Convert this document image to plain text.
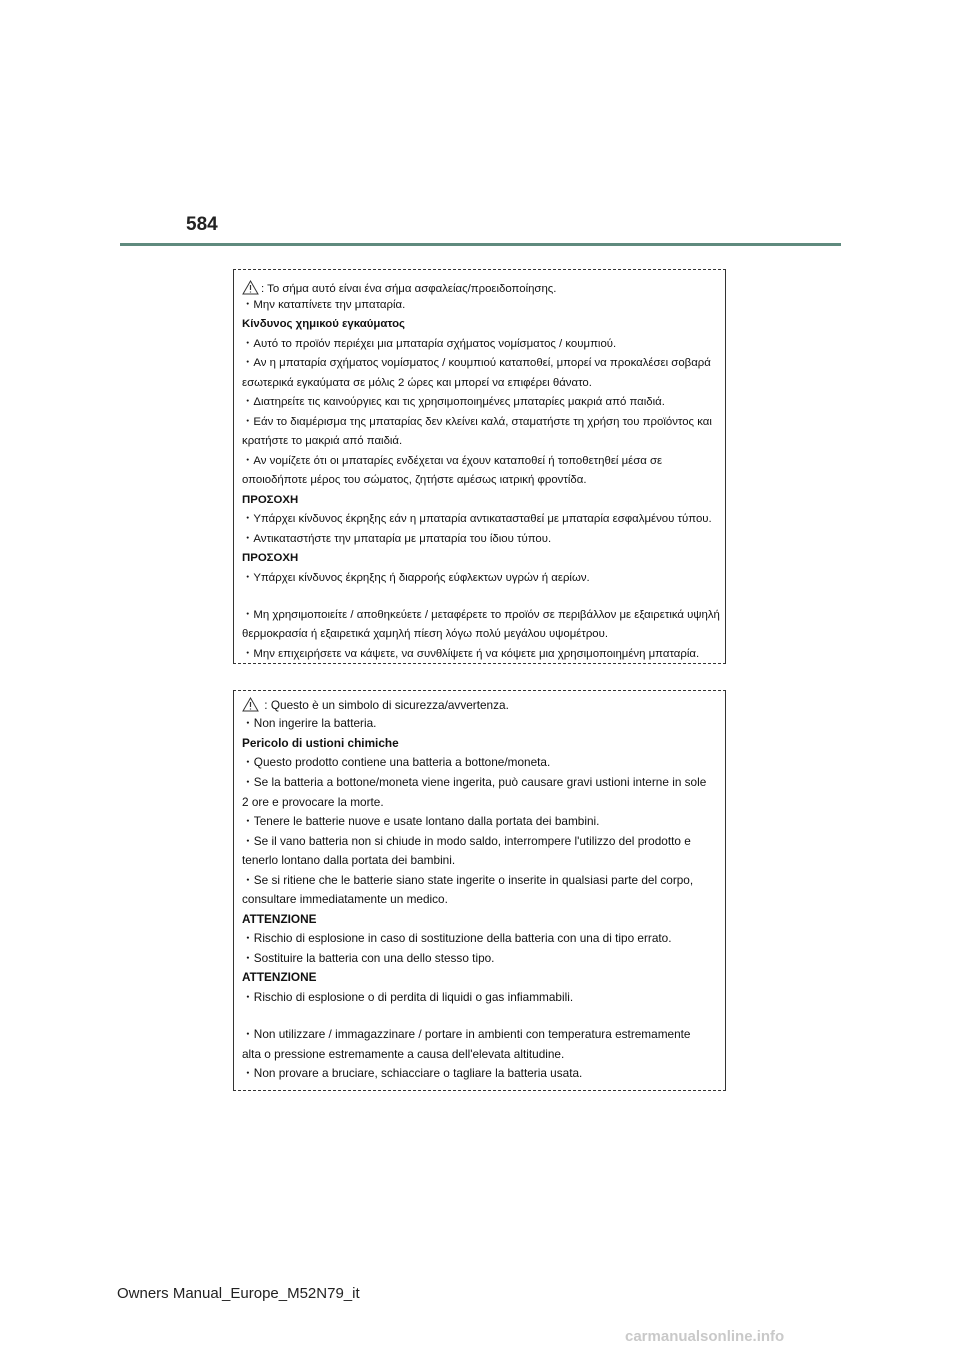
584
: Το σήμα αυτό είναι ένα σήμα ασφαλείας/προειδοποίησης.
・Μην καταπίνετε την μπαταρία.
Κίνδυνος χημικού εγκαύματος
・Αυτό το προϊόν περιέχει μια μπαταρία σχήματος νομίσματος / κουμπιού.
・Αν η μπαταρία σχήματος νομίσματος / κουμπιού καταποθεί, μπορεί να προκαλέσει σοβαρά
εσωτερικά εγκαύματα σε μόλις 2 ώρες και μπορεί να επιφέρει θάνατο.
・Διατηρείτε τις καινούργιες και τις χρησιμοποιημένες μπαταρίες μακριά από παιδιά.
・Εάν το διαμέρισμα της μπαταρίας δεν κλείνει καλά, σταματήστε τη χρήση του προϊόντος και
κρατήστε το μακριά από παιδιά.
・Αν νομίζετε ότι οι μπαταρίες ενδέχεται να έχουν καταποθεί ή τοποθετηθεί μέσα σε
οποιοδήποτε μέρος του σώματος, ζητήστε αμέσως ιατρική φροντίδα.
ΠΡΟΣΟΧΗ
・Υπάρχει κίνδυνος έκρηξης εάν η μπαταρία αντικατασταθεί με μπαταρία εσφαλμένου τύπου.
・Αντικαταστήστε την μπαταρία με μπαταρία του ίδιου τύπου.
ΠΡΟΣΟΧΗ
・Υπάρχει κίνδυνος έκρηξης ή διαρροής εύφλεκτων υγρών ή αερίων.
・Μη χρησιμοποιείτε / αποθηκεύετε / μεταφέρετε το προϊόν σε περιβάλλον με εξαιρετικά υψηλή
θερμοκρασία ή εξαιρετικά χαμηλή πίεση λόγω πολύ μεγάλου υψομέτρου.
・Μην επιχειρήσετε να κάψετε, να συνθλίψετε ή να κόψετε μια χρησιμοποιημένη μπαταρία.
: Questo è un simbolo di sicurezza/avvertenza.
・Non ingerire la batteria.
Pericolo di ustioni chimiche
・Questo prodotto contiene una batteria a bottone/moneta.
・Se la batteria a bottone/moneta viene ingerita, può causare gravi ustioni interne in sole
2 ore e provocare la morte.
・Tenere le batterie nuove e usate lontano dalla portata dei bambini.
・Se il vano batteria non si chiude in modo saldo, interrompere l'utilizzo del prodotto e
tenerlo lontano dalla portata dei bambini.
・Se si ritiene che le batterie siano state ingerite o inserite in qualsiasi parte del corpo,
consultare immediatamente un medico.
ATTENZIONE
・Rischio di esplosione in caso di sostituzione della batteria con una di tipo errato.
・Sostituire la batteria con una dello stesso tipo.
ATTENZIONE
・Rischio di esplosione o di perdita di liquidi o gas infiammabili.
・Non utilizzare / immagazzinare / portare in ambienti con temperatura estremamente
alta o pressione estremamente a causa dell'elevata altitudine.
・Non provare a bruciare, schiacciare o tagliare la batteria usata.
Owners Manual_Europe_M52N79_it
carmanualsonline.info
